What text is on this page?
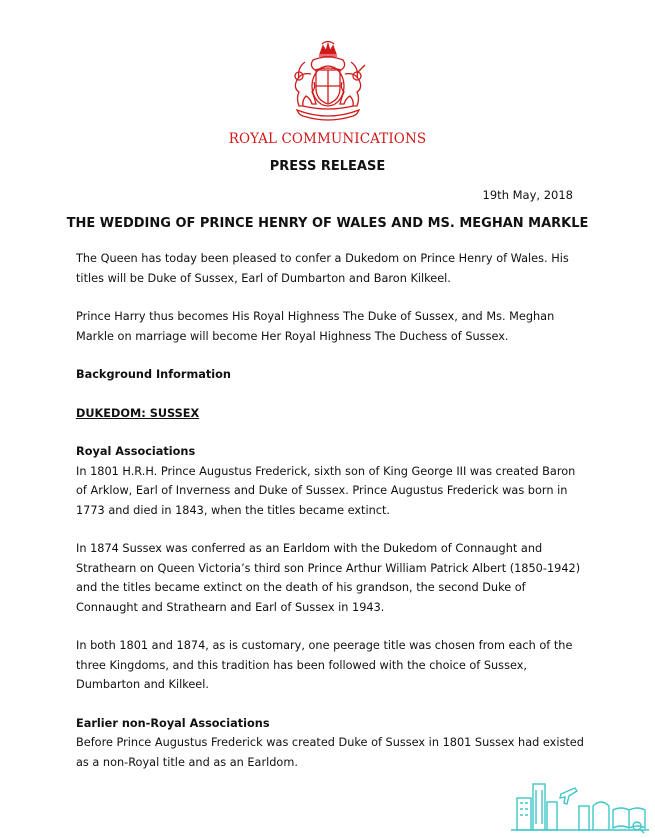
ROYAL COMMUNICATIONS
PRESS RELEASE
19th May, 2018
THE WEDDING OF PRINCE HENRY OF WALES AND MS. MEGHAN MARKLE

The Queen has today been pleased to confer a Dukedom on Prince Henry of Wales. His titles will be Duke of Sussex, Earl of Dumbarton and Baron Kilkeel.

Prince Harry thus becomes His Royal Highness The Duke of Sussex, and Ms. Meghan Markle on marriage will become Her Royal Highness The Duchess of Sussex.

Background Information

DUKEDOM: SUSSEX

Royal Associations

In 1801 H.R.H. Prince Augustus Frederick, sixth son of King George III was created Baron of Arklow, Earl of Inverness and Duke of Sussex. Prince Augustus Frederick was born in 1773 and died in 1843, when the titles became extinct.

In 1874 Sussex was conferred as an Earldom with the Dukedom of Connaught and Strathearn on Queen Victoria’s third son Prince Arthur William Patrick Albert (1850-1942) and the titles became extinct on the death of his grandson, the second Duke of Connaught and Strathearn and Earl of Sussex in 1943.

In both 1801 and 1874, as is customary, one peerage title was chosen from each of the three Kingdoms, and this tradition has been followed with the choice of Sussex, Dumbarton and Kilkeel.

Earlier non-Royal Associations

Before Prince Augustus Frederick was created Duke of Sussex in 1801 Sussex had existed as a non-Royal title and as an Earldom.
